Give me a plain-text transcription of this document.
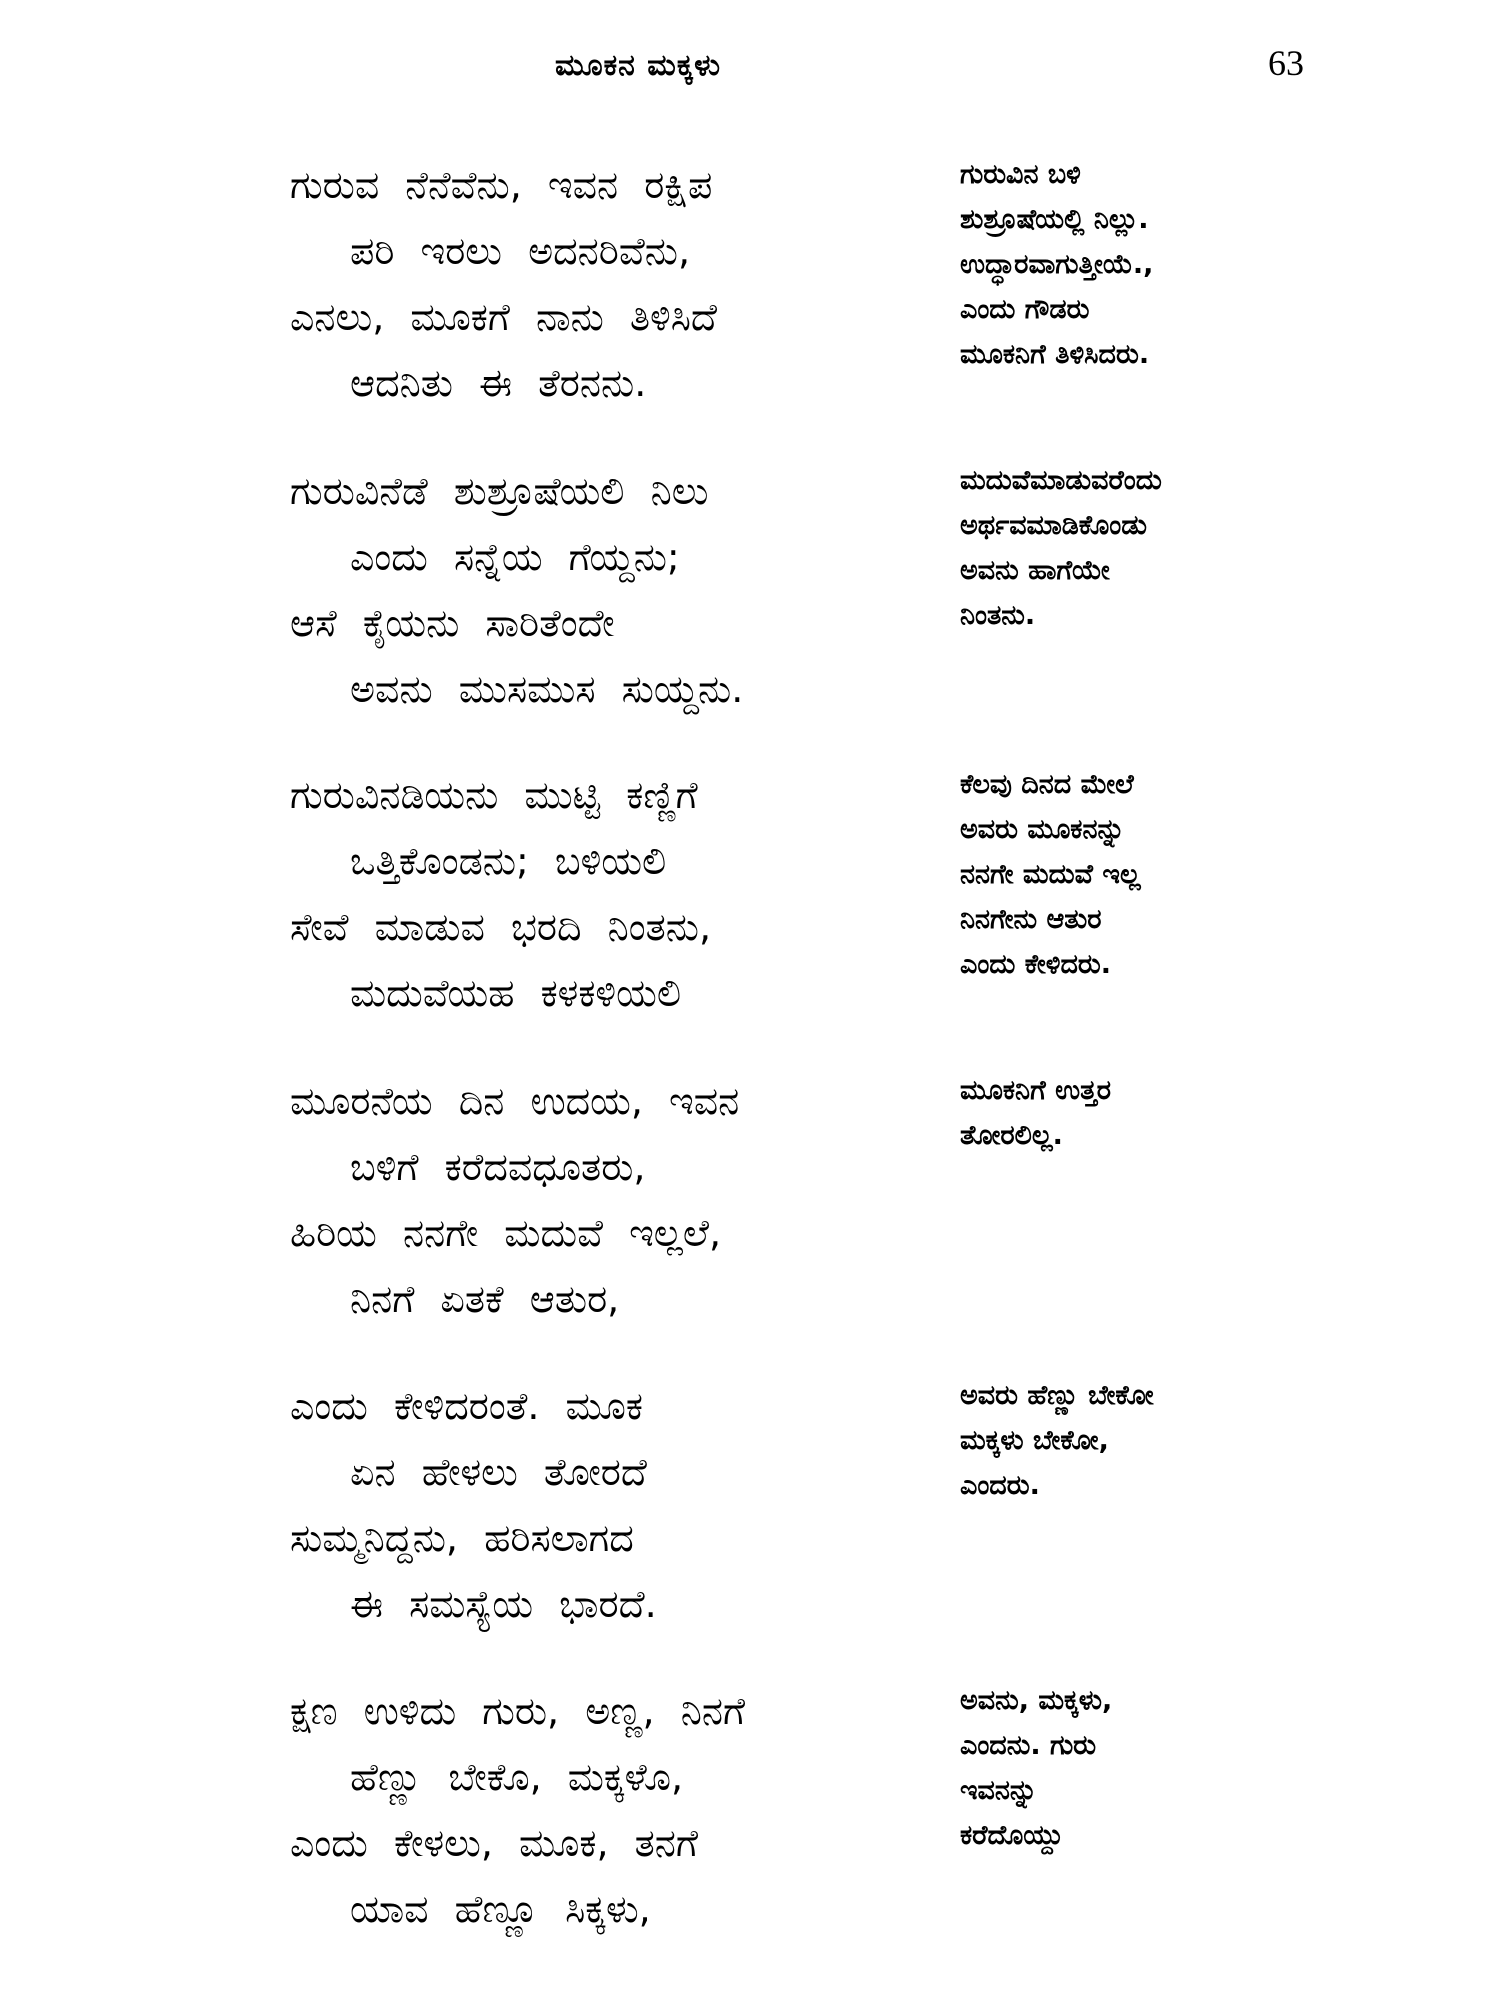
ಮೂಕನ ಮಕ್ಕಳು	63
ಗುರುವ ನೆನೆವೆನು, ಇವನ ರಕ್ಷಿಪ
ಪರಿ ಇರಲು ಅದನರಿವೆನು,
ಎನಲು, ಮೂಕಗೆ ನಾನು ತಿಳಿಸಿದೆ
ಆದನಿತು ಈ ತೆರನನು.
ಗುರುವಿನ ಬಳಿ
ಶುಶ್ರೂಷೆಯಲ್ಲಿ ನಿಲ್ಲು.
ಉದ್ಧಾರವಾಗುತ್ತೀಯೆ.,
ಎಂದು ಗೌಡರು
ಮೂಕನಿಗೆ ತಿಳಿಸಿದರು.
ಗುರುವಿನೆಡೆ ಶುಶ್ರೂಷೆಯಲಿ ನಿಲು
ಎಂದು ಸನ್ನೆಯ ಗೆಯ್ದನು;
ಆಸೆ ಕೈಯನು ಸಾರಿತೆಂದೇ
ಅವನು ಮುಸಮುಸ ಸುಯ್ದನು.
ಮದುವೆಮಾಡುವರೆಂದು
ಅರ್ಥವಮಾಡಿಕೊಂಡು
ಅವನು ಹಾಗೆಯೇ
ನಿಂತನು.
ಗುರುವಿನಡಿಯನು ಮುಟ್ಟಿ ಕಣ್ಣಿಗೆ
ಒತ್ತಿಕೊಂಡನು; ಬಳಿಯಲಿ
ಸೇವೆ ಮಾಡುವ ಭರದಿ ನಿಂತನು,
ಮದುವೆಯಹ ಕಳಕಳಿಯಲಿ
ಕೆಲವು ದಿನದ ಮೇಲೆ
ಅವರು ಮೂಕನನ್ನು
ನನಗೇ ಮದುವೆ ಇಲ್ಲ
ನಿನಗೇನು ಆತುರ
ಎಂದು ಕೇಳಿದರು.
ಮೂರನೆಯ ದಿನ ಉದಯ, ಇವನ
ಬಳಿಗೆ ಕರೆದವಧೂತರು,
ಹಿರಿಯ ನನಗೇ ಮದುವೆ ಇಲ್ಲಲೆ,
ನಿನಗೆ ಏತಕೆ ಆತುರ,
ಮೂಕನಿಗೆ ಉತ್ತರ
ತೋರಲಿಲ್ಲ.
ಎಂದು ಕೇಳಿದರಂತೆ. ಮೂಕ
ಏನ ಹೇಳಲು ತೋರದೆ
ಸುಮ್ಮನಿದ್ದನು, ಹರಿಸಲಾಗದ
ಈ ಸಮಸ್ಯೆಯ ಭಾರದೆ.
ಅವರು ಹೆಣ್ಣು ಬೇಕೋ
ಮಕ್ಕಳು ಬೇಕೋ,
ಎಂದರು.
ಕ್ಷಣ ಉಳಿದು ಗುರು, ಅಣ್ಣ, ನಿನಗೆ
ಹೆಣ್ಣು ಬೇಕೊ, ಮಕ್ಕಳೊ,
ಎಂದು ಕೇಳಲು, ಮೂಕ, ತನಗೆ
ಯಾವ ಹೆಣ್ಣೂ ಸಿಕ್ಕಳು,
ಅವನು, ಮಕ್ಕಳು,
ಎಂದನು. ಗುರು
ಇವನನ್ನು
ಕರೆದೊಯ್ದು
